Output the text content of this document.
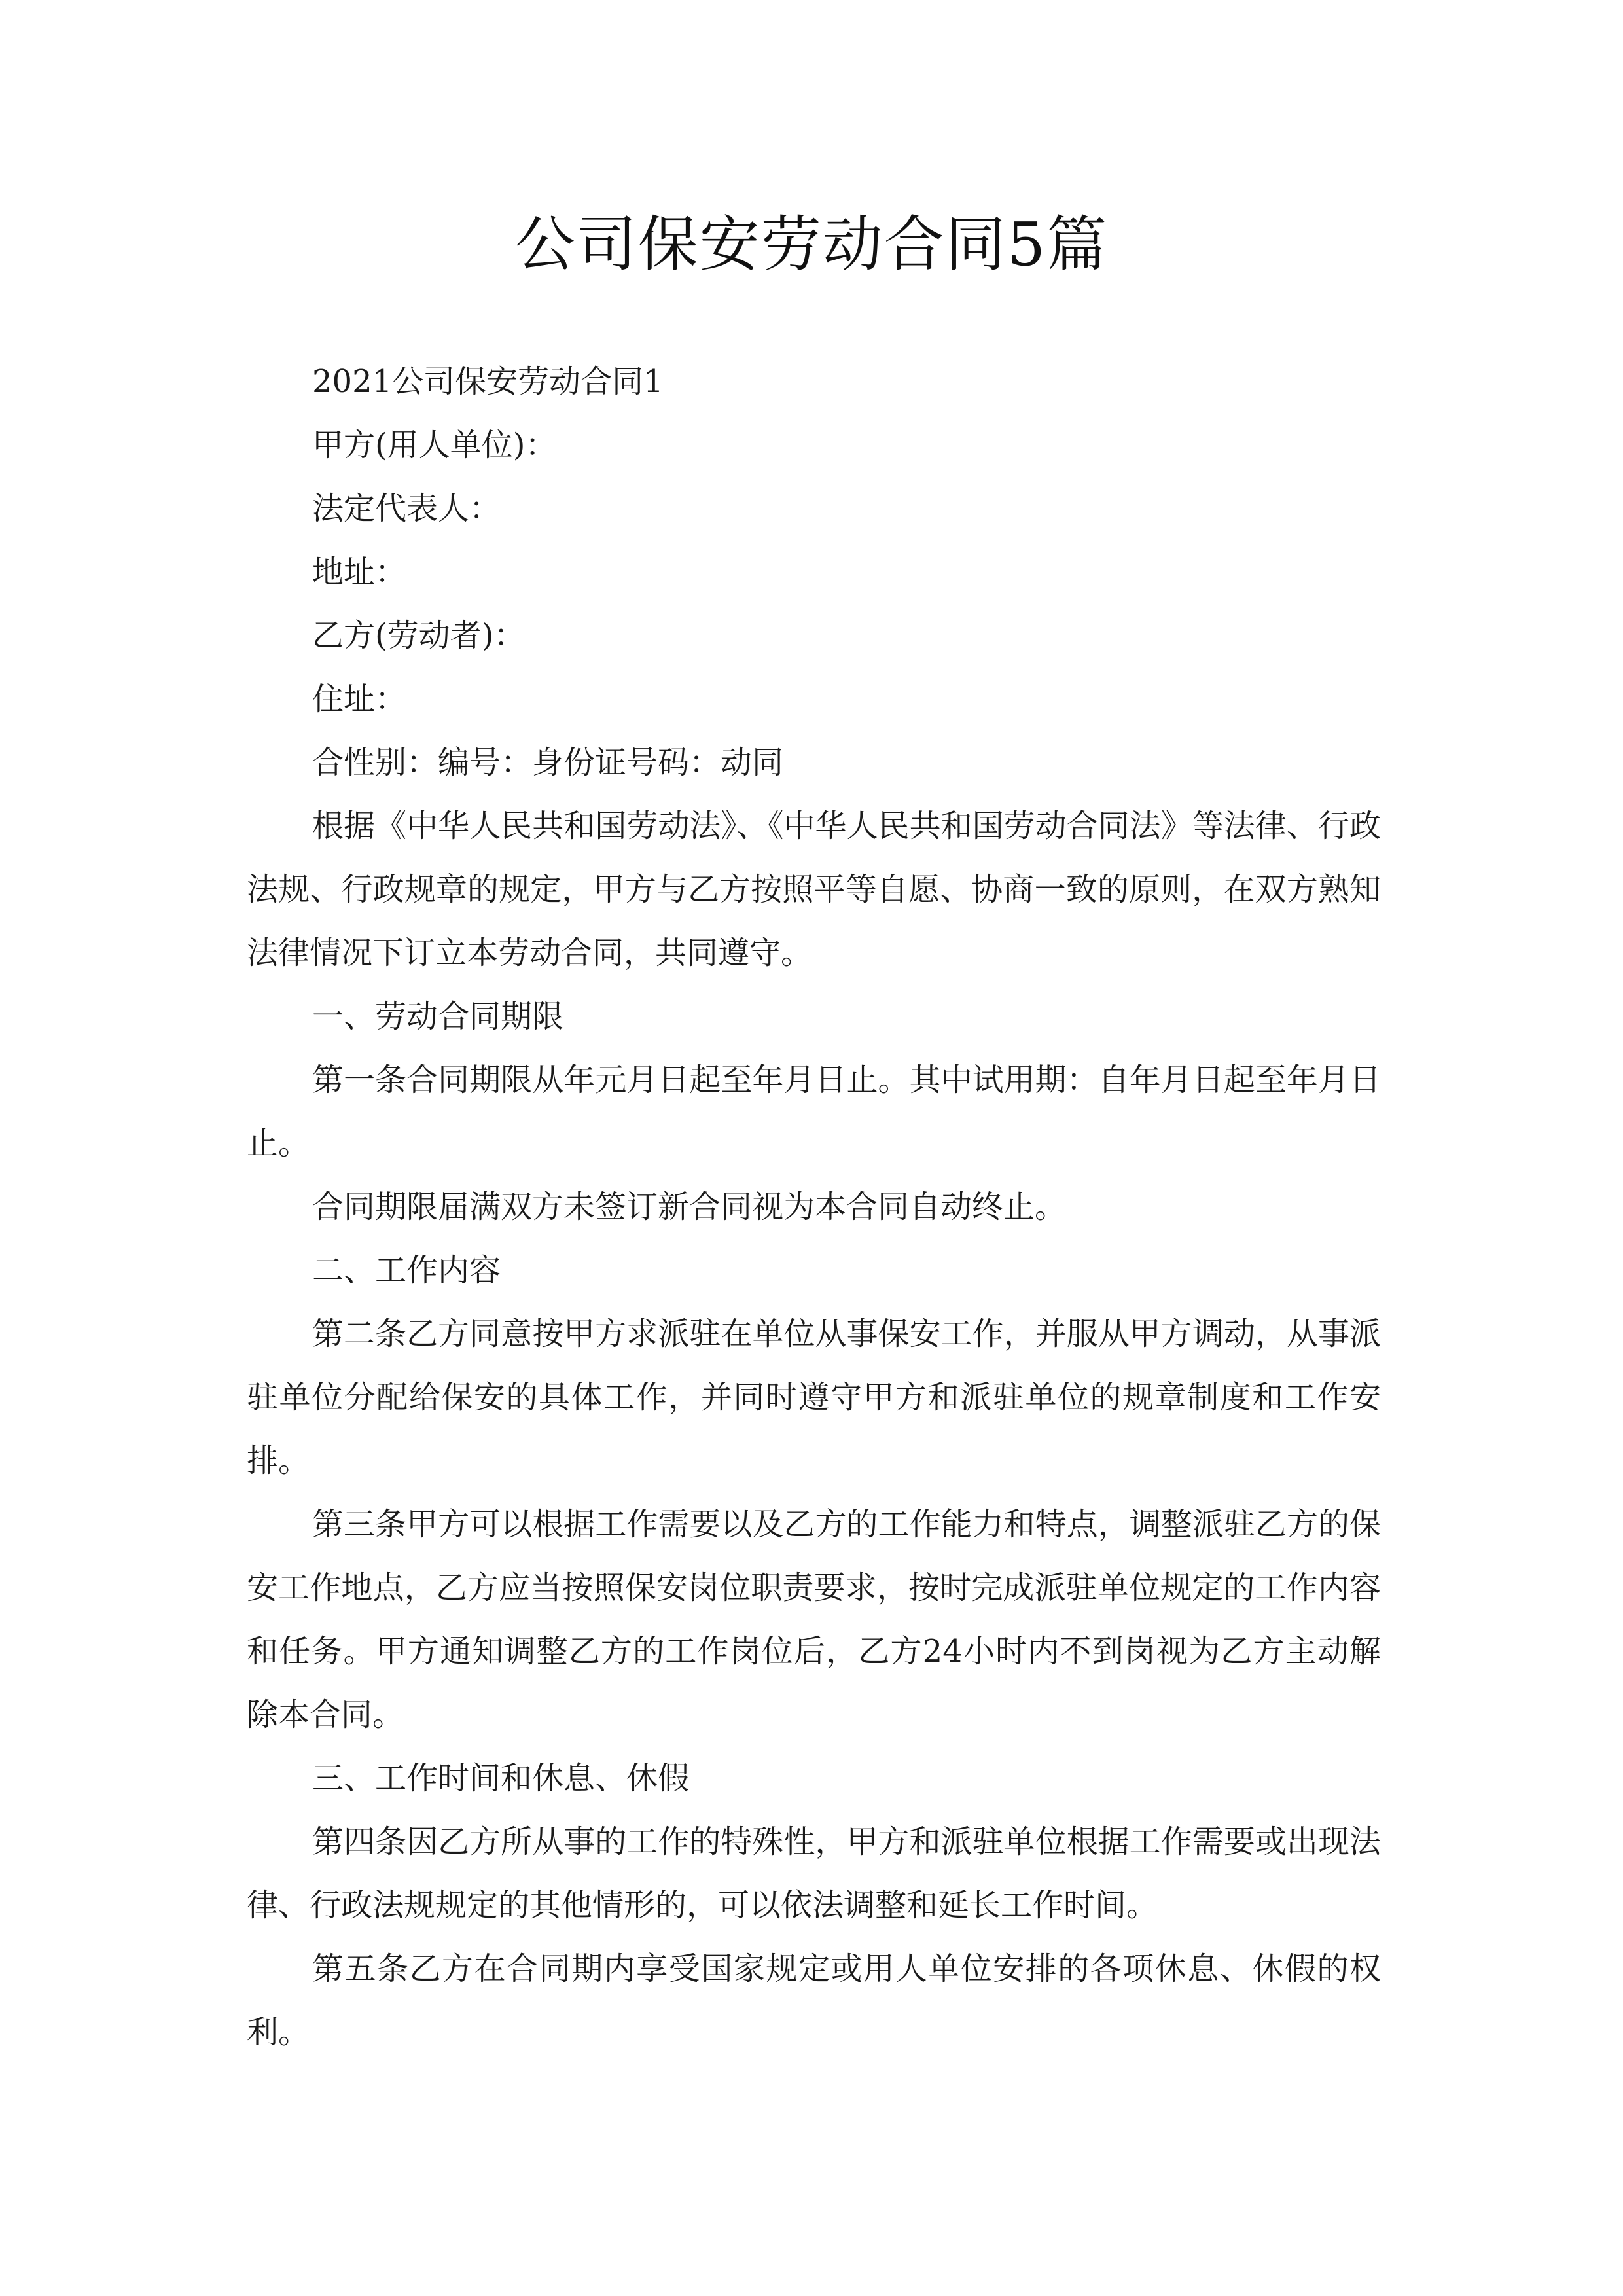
公司保安劳动合同5篇

2021公司保安劳动合同1

甲方(用人单位)：

法定代表人：

地址：

乙方(劳动者)：

住址：

合性别：编号：身份证号码：动同

根据《中华人民共和国劳动法》、《中华人民共和国劳动合同法》等法律、行政法规、行政规章的规定，甲方与乙方按照平等自愿、协商一致的原则，在双方熟知法律情况下订立本劳动合同，共同遵守。

一、劳动合同期限

第一条合同期限从年元月日起至年月日止。其中试用期：自年月日起至年月日止。

合同期限届满双方未签订新合同视为本合同自动终止。

二、工作内容

第二条乙方同意按甲方求派驻在单位从事保安工作，并服从甲方调动，从事派驻单位分配给保安的具体工作，并同时遵守甲方和派驻单位的规章制度和工作安排。

第三条甲方可以根据工作需要以及乙方的工作能力和特点，调整派驻乙方的保安工作地点，乙方应当按照保安岗位职责要求，按时完成派驻单位规定的工作内容和任务。甲方通知调整乙方的工作岗位后，乙方24小时内不到岗视为乙方主动解除本合同。

三、工作时间和休息、休假

第四条因乙方所从事的工作的特殊性，甲方和派驻单位根据工作需要或出现法律、行政法规规定的其他情形的，可以依法调整和延长工作时间。

第五条乙方在合同期内享受国家规定或用人单位安排的各项休息、休假的权利。
